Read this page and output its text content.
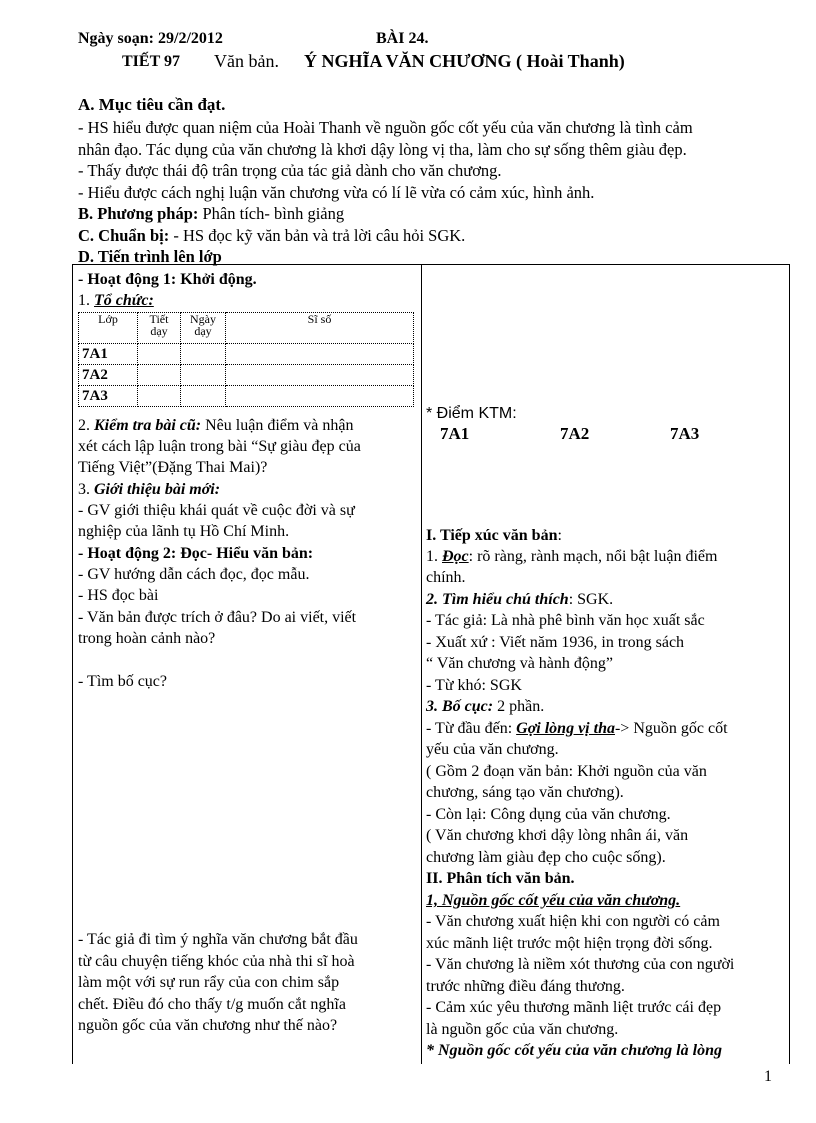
Ngày soạn: 29/2/2012	BÀI 24.
TIẾT 97 Văn bản. Ý NGHĨA VĂN CHƯƠNG ( Hoài Thanh)
A. Mục tiêu cần đạt.
- HS hiểu được quan niệm của Hoài Thanh về nguồn gốc cốt yếu của văn chương là tình cảm
nhân đạo. Tác dụng của văn chương là khơi dậy lòng vị tha, làm cho sự sống thêm giàu đẹp.
- Thấy được thái độ trân trọng của tác giả dành cho văn chương.
- Hiểu được cách nghị luận văn chương vừa có lí lẽ vừa có cảm xúc, hình ảnh.
B. Phương pháp: Phân tích- bình giảng
C. Chuẩn bị: - HS đọc kỹ văn bản và trả lời câu hỏi SGK.
D. Tiến trình lên lớp
- Hoạt động 1: Khởi động.
1. Tổ chức:
Lớp	Tiết dạy	Ngày dạy	Sĩ số
7A1			
7A2			
7A3			
2. Kiểm tra bài cũ: Nêu luận điểm và nhận
xét cách lập luận trong bài “Sự giàu đẹp của
Tiếng Việt”(Đặng Thai Mai)?
3. Giới thiệu bài mới:
- GV giới thiệu khái quát về cuộc đời và sự
nghiệp của lãnh tụ Hồ Chí Minh.
- Hoạt động 2: Đọc- Hiểu văn bản:
- GV hướng dẫn cách đọc, đọc mẫu.
- HS đọc bài
- Văn bản được trích ở đâu? Do ai viết, viết
trong hoàn cảnh nào?
- Tìm bố cục?
- Tác giả đi tìm ý nghĩa văn chương bắt đầu
từ câu chuyện tiếng khóc của nhà thi sĩ hoà
làm một với sự run rẩy của con chim sắp
chết. Điều đó cho thấy t/g muốn cắt nghĩa
nguồn gốc của văn chương như thế nào?
* Điểm KTM:
7A1	7A2	7A3
I. Tiếp xúc văn bản:
1. Đọc: rõ ràng, rành mạch, nổi bật luận điểm
chính.
2. Tìm hiểu chú thích: SGK.
- Tác giả: Là nhà phê bình văn học xuất sắc
- Xuất xứ : Viết năm 1936, in trong sách
“ Văn chương và hành động”
- Từ khó: SGK
3. Bố cục: 2 phần.
- Từ đầu đến: Gợi lòng vị tha-> Nguồn gốc cốt
yếu của văn chương.
( Gồm 2 đoạn văn bản: Khởi nguồn của văn
chương, sáng tạo văn chương).
- Còn lại: Công dụng của văn chương.
( Văn chương khơi dậy lòng nhân ái, văn
chương làm giàu đẹp cho cuộc sống).
II. Phân tích văn bản.
1, Nguồn gốc cốt yếu của văn chương.
- Văn chương xuất hiện khi con người có cảm
xúc mãnh liệt trước một hiện trọng đời sống.
- Văn chương là niềm xót thương của con người
trước những điều đáng thương.
- Cảm xúc yêu thương mãnh liệt trước cái đẹp
là nguồn gốc của văn chương.
* Nguồn gốc cốt yếu của văn chương là lòng
1
